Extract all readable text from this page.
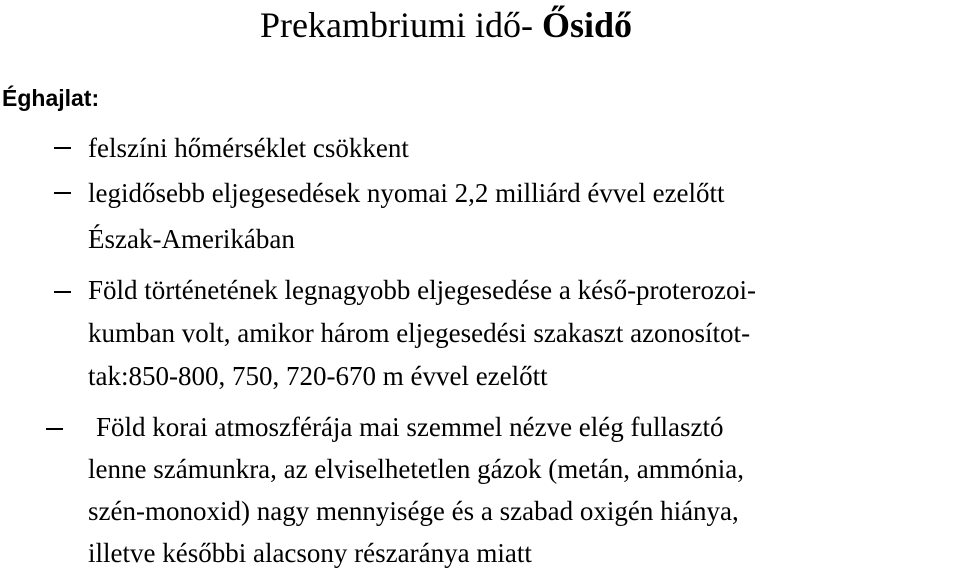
Prekambriumi idő- Ősidő
Éghajlat:
felszíni hőmérséklet csökkent
legidősebb eljegesedések nyomai 2,2 milliárd évvel ezelőtt
Észak-Amerikában
Föld történetének legnagyobb eljegesedése a késő-proterozoi-
kumban volt, amikor három eljegesedési szakaszt azonosítot-
tak:850-800, 750, 720-670 m évvel ezelőtt
Föld korai atmoszférája mai szemmel nézve elég fullasztó
lenne számunkra, az elviselhetetlen gázok (metán, ammónia,
szén-monoxid) nagy mennyisége és a szabad oxigén hiánya,
illetve későbbi alacsony részaránya miatt
